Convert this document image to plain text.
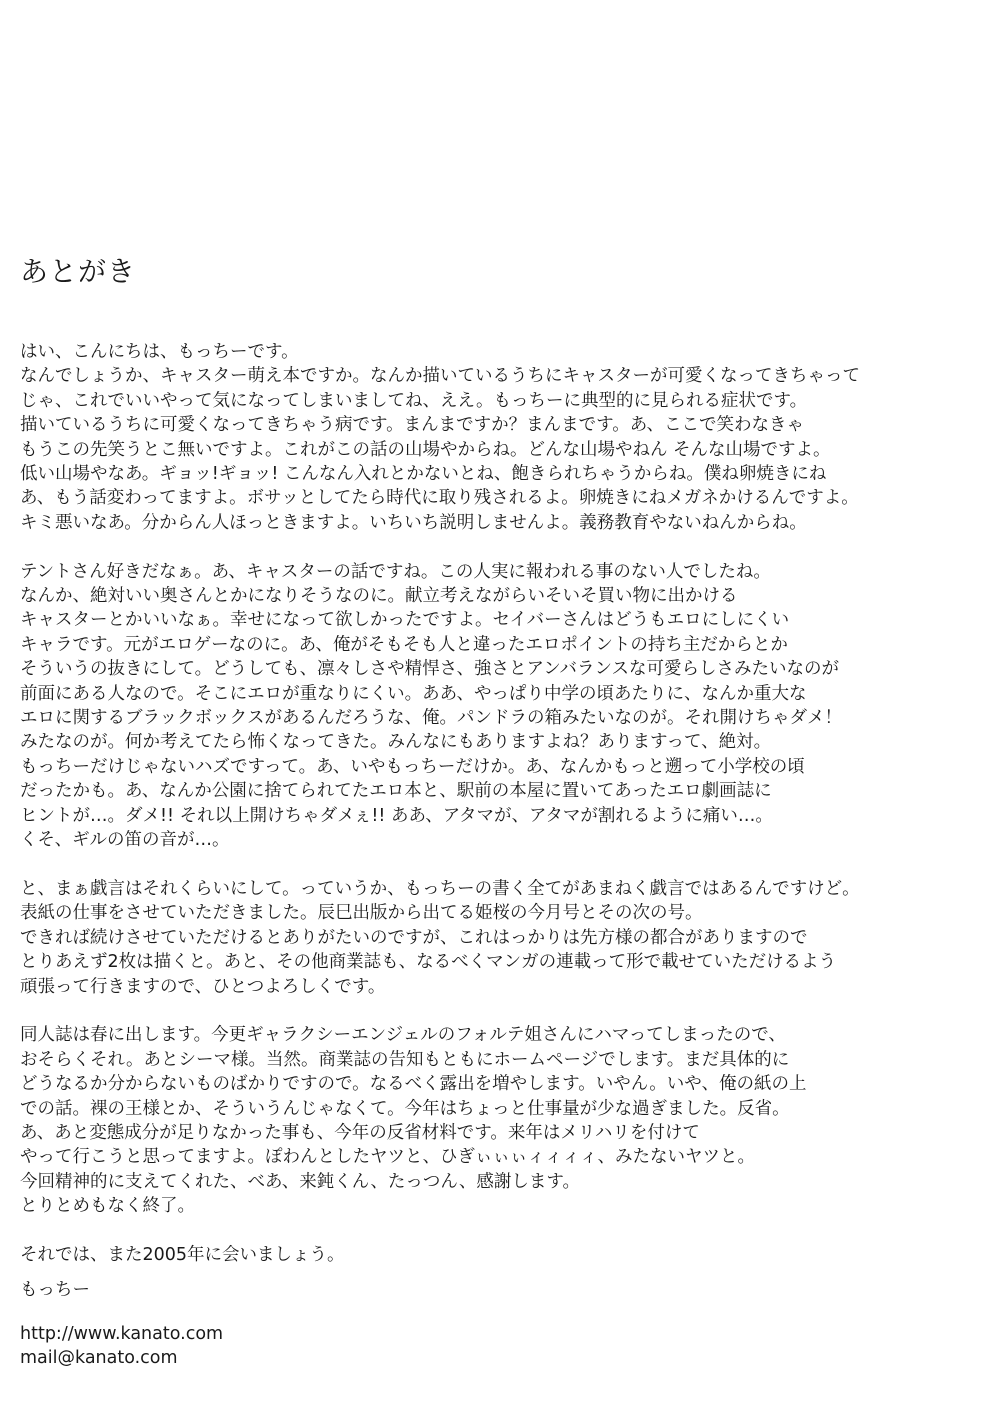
あとがき

はい、こんにちは、もっちーです。
なんでしょうか、キャスター萌え本ですか。なんか描いているうちにキャスターが可愛くなってきちゃって
じゃ、これでいいやって気になってしまいましてね、ええ。もっちーに典型的に見られる症状です。
描いているうちに可愛くなってきちゃう病です。まんまですか？まんまです。あ、ここで笑わなきゃ
もうこの先笑うとこ無いですよ。これがこの話の山場やからね。どんな山場やねん そんな山場ですよ。
低い山場やなあ。ギョッ!ギョッ! こんなん入れとかないとね、飽きられちゃうからね。僕ね卵焼きにね
あ、もう話変わってますよ。ボサッとしてたら時代に取り残されるよ。卵焼きにねメガネかけるんですよ。
キミ悪いなあ。分からん人ほっときますよ。いちいち説明しませんよ。義務教育やないねんからね。

テントさん好きだなぁ。あ、キャスターの話ですね。この人実に報われる事のない人でしたね。
なんか、絶対いい奥さんとかになりそうなのに。献立考えながらいそいそ買い物に出かける
キャスターとかいいなぁ。幸せになって欲しかったですよ。セイバーさんはどうもエロにしにくい
キャラです。元がエロゲーなのに。あ、俺がそもそも人と違ったエロポイントの持ち主だからとか
そういうの抜きにして。どうしても、凛々しさや精悍さ、強さとアンバランスな可愛らしさみたいなのが
前面にある人なので。そこにエロが重なりにくい。ああ、やっぱり中学の頃あたりに、なんか重大な
エロに関するブラックボックスがあるんだろうな、俺。パンドラの箱みたいなのが。それ開けちゃダメ！
みたなのが。何か考えてたら怖くなってきた。みんなにもありますよね？ありますって、絶対。
もっちーだけじゃないハズですって。あ、いやもっちーだけか。あ、なんかもっと遡って小学校の頃
だったかも。あ、なんか公園に捨てられてたエロ本と、駅前の本屋に置いてあったエロ劇画誌に
ヒントが…。ダメ!! それ以上開けちゃダメぇ!! ああ、アタマが、アタマが割れるように痛い…。
くそ、ギルの笛の音が…。

と、まぁ戯言はそれくらいにして。っていうか、もっちーの書く全てがあまねく戯言ではあるんですけど。
表紙の仕事をさせていただきました。辰巳出版から出てる姫桜の今月号とその次の号。
できれば続けさせていただけるとありがたいのですが、これはっかりは先方様の都合がありますので
とりあえず2枚は描くと。あと、その他商業誌も、なるべくマンガの連載って形で載せていただけるよう
頑張って行きますので、ひとつよろしくです。

同人誌は春に出します。今更ギャラクシーエンジェルのフォルテ姐さんにハマってしまったので、
おそらくそれ。あとシーマ様。当然。商業誌の告知もともにホームページでします。まだ具体的に
どうなるか分からないものばかりですので。なるべく露出を増やします。いやん。いや、俺の紙の上
での話。裸の王様とか、そういうんじゃなくて。今年はちょっと仕事量が少な過ぎました。反省。
あ、あと変態成分が足りなかった事も、今年の反省材料です。来年はメリハリを付けて
やって行こうと思ってますよ。ぽわんとしたヤツと、ひぎぃぃぃィィィィ、みたないヤツと。
今回精神的に支えてくれた、べあ、来鈍くん、たっつん、感謝します。
とりとめもなく終了。

それでは、また2005年に会いましょう。

もっちー
http://www.kanato.com
mail@kanato.com
